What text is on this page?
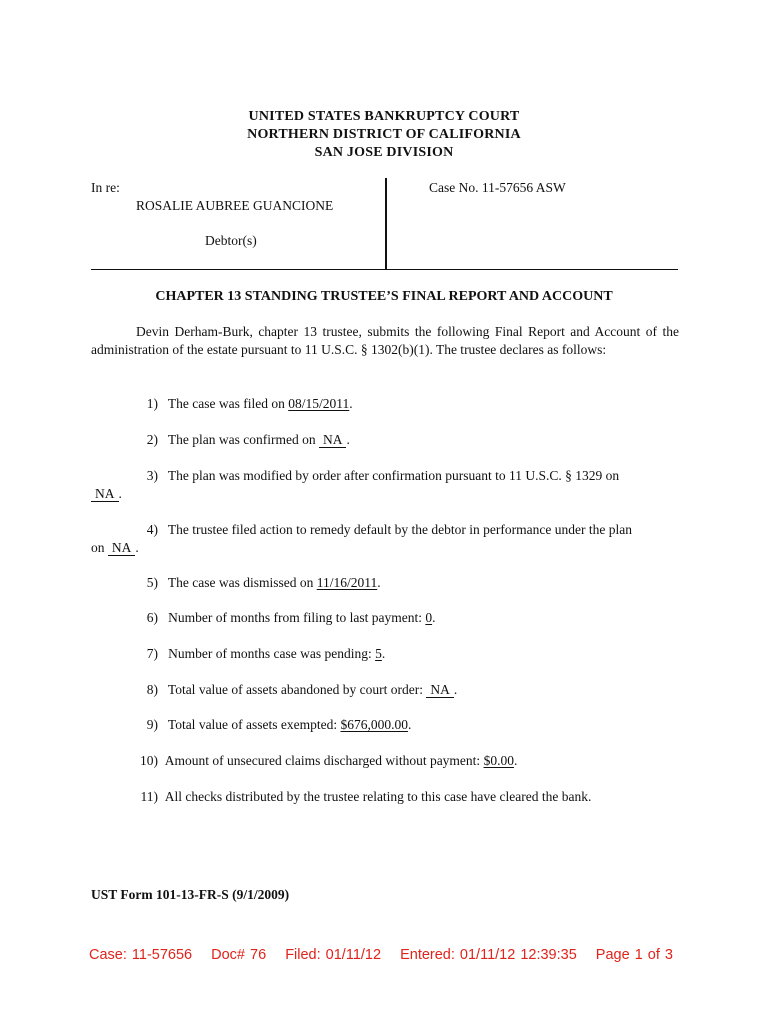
UNITED STATES BANKRUPTCY COURT
NORTHERN DISTRICT OF CALIFORNIA
SAN JOSE DIVISION
In re:
ROSALIE AUBREE GUANCIONE
Debtor(s)
Case No. 11-57656 ASW
CHAPTER 13 STANDING TRUSTEE’S FINAL REPORT AND ACCOUNT
Devin Derham-Burk, chapter 13 trustee, submits the following Final Report and Account of the administration of the estate pursuant to 11 U.S.C. § 1302(b)(1). The trustee declares as follows:
1) The case was filed on 08/15/2011.
2) The plan was confirmed on NA .
3) The plan was modified by order after confirmation pursuant to 11 U.S.C. § 1329 on
NA .
4) The trustee filed action to remedy default by the debtor in performance under the plan
on NA .
5) The case was dismissed on 11/16/2011.
6) Number of months from filing to last payment: 0.
7) Number of months case was pending: 5.
8) Total value of assets abandoned by court order: NA .
9) Total value of assets exempted: $676,000.00.
10) Amount of unsecured claims discharged without payment: $0.00.
11) All checks distributed by the trustee relating to this case have cleared the bank.
UST Form 101-13-FR-S (9/1/2009)
Case: 11-57656 Doc# 76 Filed: 01/11/12 Entered: 01/11/12 12:39:35 Page 1 of 3
